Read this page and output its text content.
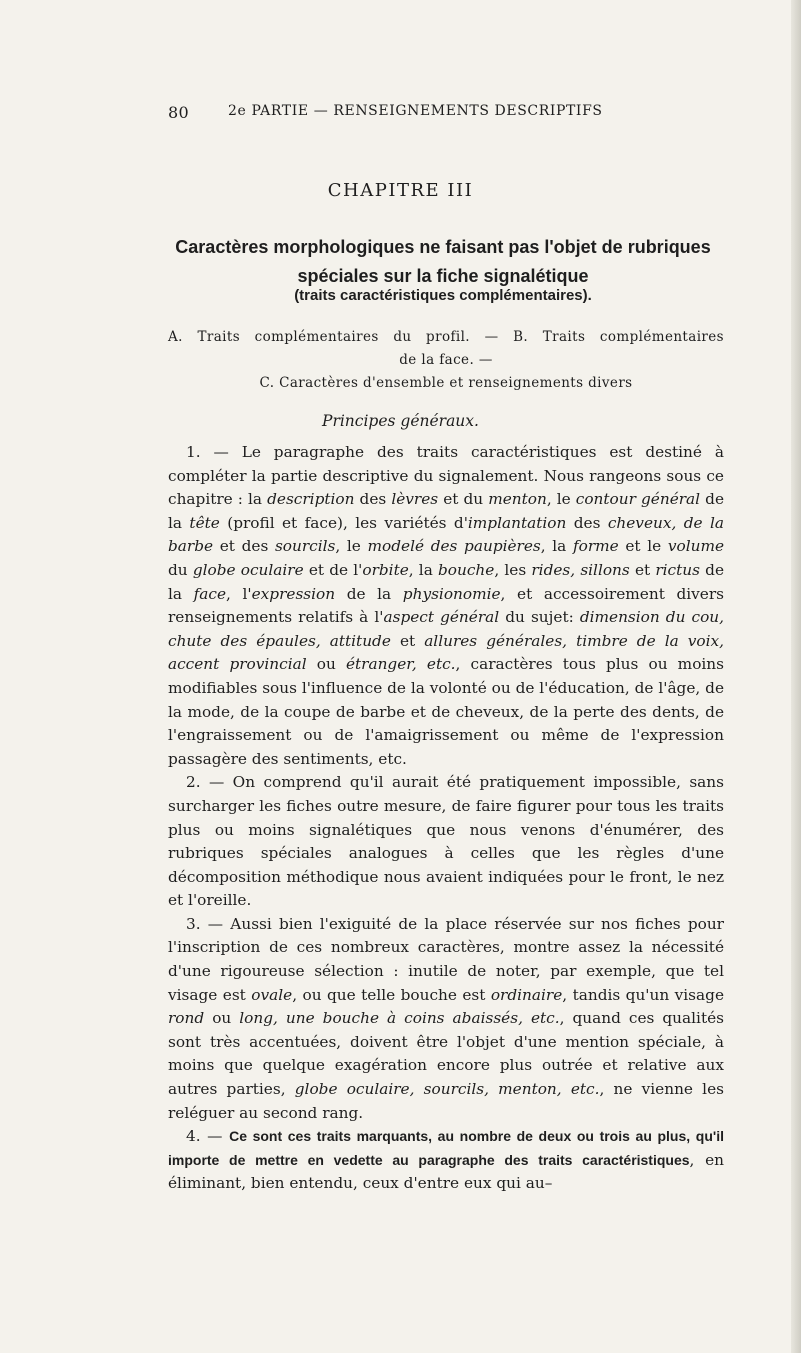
80	2e PARTIE — RENSEIGNEMENTS DESCRIPTIFS
CHAPITRE III
Caractères morphologiques ne faisant pas l'objet de rubriques spéciales sur la fiche signalétique
(traits caractéristiques complémentaires).
A. Traits complémentaires du profil. — B. Traits complémentaires
de la face. —
C. Caractères d'ensemble et renseignements divers
Principes généraux.

1. — Le paragraphe des traits caractéristiques est destiné à compléter la partie descriptive du signalement. Nous rangeons sous ce chapitre : la description des lèvres et du menton, le contour général de la tête (profil et face), les variétés d'implantation des cheveux, de la barbe et des sourcils, le modelé des paupières, la forme et le volume du globe oculaire et de l'orbite, la bouche, les rides, sillons et rictus de la face, l'expression de la physionomie, et accessoirement divers renseignements relatifs à l'aspect général du sujet: dimension du cou, chute des épaules, attitude et allures générales, timbre de la voix, accent provincial ou étranger, etc., caractères tous plus ou moins modifiables sous l'influence de la volonté ou de l'éducation, de l'âge, de la mode, de la coupe de barbe et de cheveux, de la perte des dents, de l'engraissement ou de l'amaigrissement ou même de l'expression passagère des sentiments, etc.

2. — On comprend qu'il aurait été pratiquement impossible, sans surcharger les fiches outre mesure, de faire figurer pour tous les traits plus ou moins signalétiques que nous venons d'énumérer, des rubriques spéciales analogues à celles que les règles d'une décomposition méthodique nous avaient indiquées pour le front, le nez et l'oreille.

3. — Aussi bien l'exiguité de la place réservée sur nos fiches pour l'inscription de ces nombreux caractères, montre assez la nécessité d'une rigoureuse sélection : inutile de noter, par exemple, que tel visage est ovale, ou que telle bouche est ordinaire, tandis qu'un visage rond ou long, une bouche à coins abaissés, etc., quand ces qualités sont très accentuées, doivent être l'objet d'une mention spéciale, à moins que quelque exagération encore plus outrée et relative aux autres parties, globe oculaire, sourcils, menton, etc., ne vienne les reléguer au second rang.

4. — Ce sont ces traits marquants, au nombre de deux ou trois au plus, qu'il importe de mettre en vedette au paragraphe des traits caractéristiques, en éliminant, bien entendu, ceux d'entre eux qui au–
